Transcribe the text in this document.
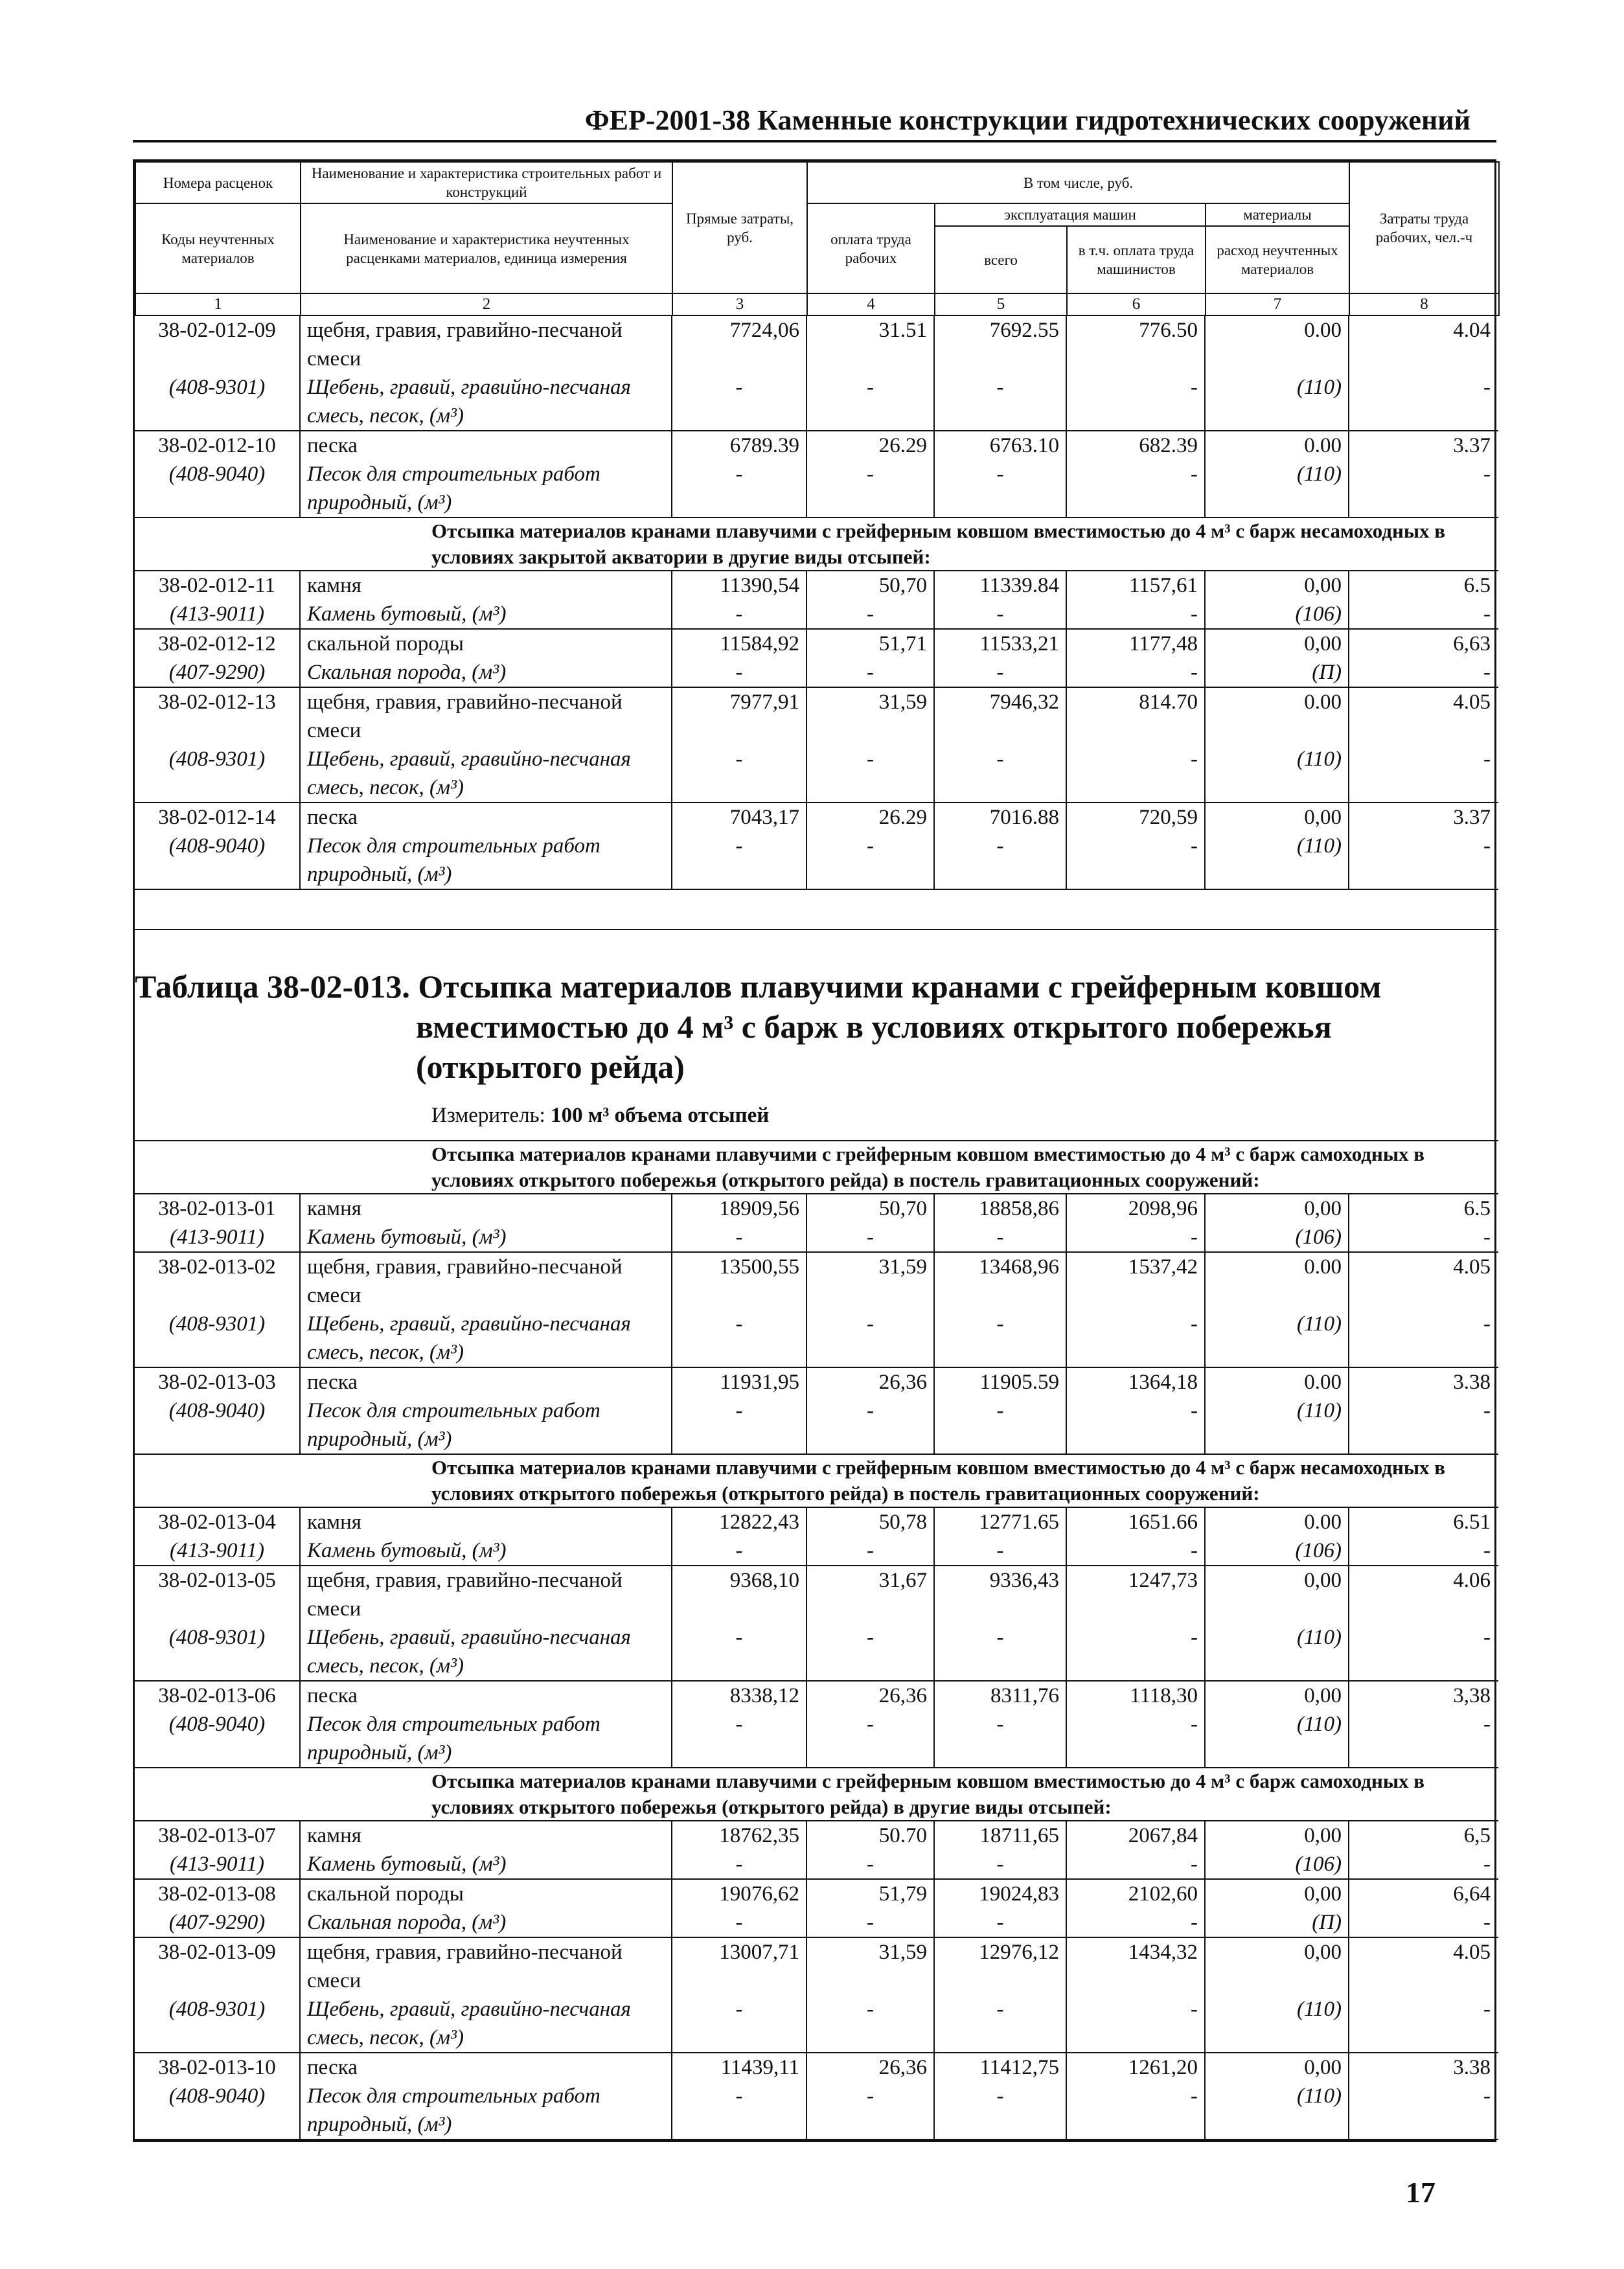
ФЕР-2001-38 Каменные конструкции гидротехнических сооружений
Номера расценок	Наименование и характеристика строительных работ и конструкций	Прямые затраты, руб.	В том числе, руб.				Затраты труда рабочих, чел.-ч
Коды неучтенных материалов	Наименование и характеристика неучтенных расценками материалов, единица измерения		оплата труда рабочих	эксплуатация машин		материалы	
				всего	в т.ч. оплата труда машинистов	расход неучтенных материалов	
1	2	3	4	5	6	7	8
38-02-012-09	щебня, гравия, гравийно-песчаной смеси	7724,06	31.51	7692.55	776.50	0.00	4.04
(408-9301)	Щебень, гравий, гравийно-песчаная смесь, песок, (м³)	-	-	-	-	(110)	-
38-02-012-10	песка	6789.39	26.29	6763.10	682.39	0.00	3.37
(408-9040)	Песок для строительных работ природный, (м³)	-	-	-	-	(110)	-
Отсыпка материалов кранами плавучими с грейферным ковшом вместимостью до 4 м³ с барж несамоходных в условиях закрытой акватории в другие виды отсыпей:							
38-02-012-11	камня	11390,54	50,70	11339.84	1157,61	0,00	6.5
(413-9011)	Камень бутовый, (м³)	-	-	-	-	(106)	-
38-02-012-12	скальной породы	11584,92	51,71	11533,21	1177,48	0,00	6,63
(407-9290)	Скальная порода, (м³)	-	-	-	-	(П)	-
38-02-012-13	щебня, гравия, гравийно-песчаной смеси	7977,91	31,59	7946,32	814.70	0.00	4.05
(408-9301)	Щебень, гравий, гравийно-песчаная смесь, песок, (м³)	-	-	-	-	(110)	-
38-02-012-14	песка	7043,17	26.29	7016.88	720,59	0,00	3.37
(408-9040)	Песок для строительных работ природный, (м³)	-	-	-	-	(110)	-

Таблица 38-02-013. Отсыпка материалов плавучими кранами с грейферным ковшом
вместимостью до 4 м³ с барж в условиях открытого побережья
(открытого рейда)
Измеритель: 100 м³ объема отсыпей							

Отсыпка материалов кранами плавучими с грейферным ковшом вместимостью до 4 м³ с барж самоходных в условиях открытого побережья (открытого рейда) в постель гравитационных сооружений:							
38-02-013-01	камня	18909,56	50,70	18858,86	2098,96	0,00	6.5
(413-9011)	Камень бутовый, (м³)	-	-	-	-	(106)	-
38-02-013-02	щебня, гравия, гравийно-песчаной смеси	13500,55	31,59	13468,96	1537,42	0.00	4.05
(408-9301)	Щебень, гравий, гравийно-песчаная смесь, песок, (м³)	-	-	-	-	(110)	-
38-02-013-03	песка	11931,95	26,36	11905.59	1364,18	0.00	3.38
(408-9040)	Песок для строительных работ природный, (м³)	-	-	-	-	(110)	-
Отсыпка материалов кранами плавучими с грейферным ковшом вместимостью до 4 м³ с барж несамоходных в условиях открытого побережья (открытого рейда) в постель гравитационных сооружений:							
38-02-013-04	камня	12822,43	50,78	12771.65	1651.66	0.00	6.51
(413-9011)	Камень бутовый, (м³)	-	-	-	-	(106)	-
38-02-013-05	щебня, гравия, гравийно-песчаной смеси	9368,10	31,67	9336,43	1247,73	0,00	4.06
(408-9301)	Щебень, гравий, гравийно-песчаная смесь, песок, (м³)	-	-	-	-	(110)	-
38-02-013-06	песка	8338,12	26,36	8311,76	1118,30	0,00	3,38
(408-9040)	Песок для строительных работ природный, (м³)	-	-	-	-	(110)	-
Отсыпка материалов кранами плавучими с грейферным ковшом вместимостью до 4 м³ с барж самоходных в условиях открытого побережья (открытого рейда) в другие виды отсыпей:							
38-02-013-07	камня	18762,35	50.70	18711,65	2067,84	0,00	6,5
(413-9011)	Камень бутовый, (м³)	-	-	-	-	(106)	-
38-02-013-08	скальной породы	19076,62	51,79	19024,83	2102,60	0,00	6,64
(407-9290)	Скальная порода, (м³)	-	-	-	-	(П)	-
38-02-013-09	щебня, гравия, гравийно-песчаной смеси	13007,71	31,59	12976,12	1434,32	0,00	4.05
(408-9301)	Щебень, гравий, гравийно-песчаная смесь, песок, (м³)	-	-	-	-	(110)	-
38-02-013-10	песка	11439,11	26,36	11412,75	1261,20	0,00	3.38
(408-9040)	Песок для строительных работ природный, (м³)	-	-	-	-	(110)	-
17
